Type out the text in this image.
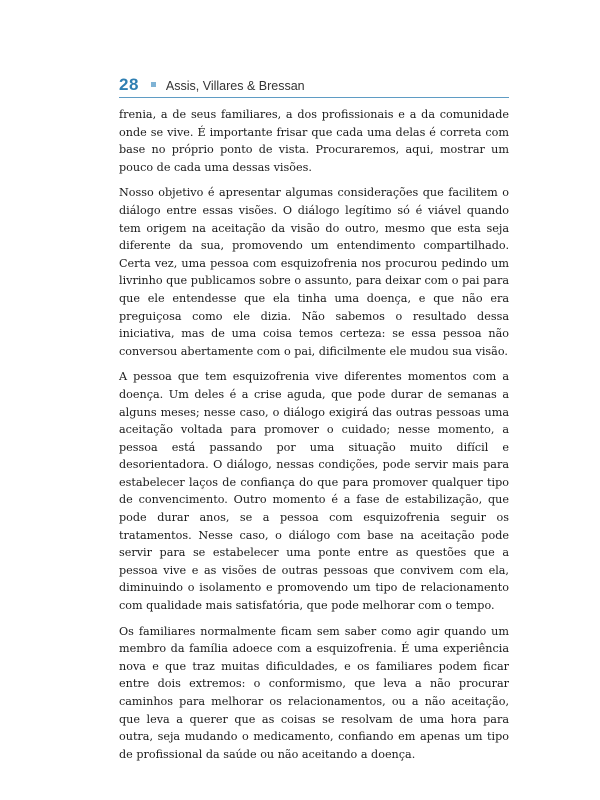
28 Assis, Villares & Bressan

frenia, a de seus familiares, a dos profissionais e a da comunidade onde se vive. É importante frisar que cada uma delas é correta com base no próprio ponto de vista. Procuraremos, aqui, mostrar um pouco de cada uma dessas visões.

Nosso objetivo é apresentar algumas considerações que facilitem o diálogo entre essas visões. O diálogo legítimo só é viável quando tem origem na aceitação da visão do outro, mesmo que esta seja diferente da sua, promovendo um entendimento compartilhado. Certa vez, uma pessoa com esquizofrenia nos procurou pedindo um livrinho que publicamos sobre o assunto, para deixar com o pai para que ele entendesse que ela tinha uma doença, e que não era preguiçosa como ele dizia. Não sabemos o resultado dessa iniciativa, mas de uma coisa temos certeza: se essa pessoa não conversou abertamente com o pai, dificilmente ele mudou sua visão.

A pessoa que tem esquizofrenia vive diferentes momentos com a doença. Um deles é a crise aguda, que pode durar de semanas a alguns meses; nesse caso, o diálogo exigirá das outras pessoas uma aceitação voltada para promover o cuidado; nesse momento, a pessoa está passando por uma situação muito difícil e desorientadora. O diálogo, nessas condições, pode servir mais para estabelecer laços de confiança do que para promover qualquer tipo de convencimento. Outro momento é a fase de estabilização, que pode durar anos, se a pessoa com esquizofrenia seguir os tratamentos. Nesse caso, o diálogo com base na aceitação pode servir para se estabelecer uma ponte entre as questões que a pessoa vive e as visões de outras pessoas que convivem com ela, diminuindo o isolamento e promovendo um tipo de relacionamento com qualidade mais satisfatória, que pode melhorar com o tempo.

Os familiares normalmente ficam sem saber como agir quando um membro da família adoece com a esquizofrenia. É uma experiência nova e que traz muitas dificuldades, e os familiares podem ficar entre dois extremos: o conformismo, que leva a não procurar caminhos para melhorar os relacionamentos, ou a não aceitação, que leva a querer que as coisas se resolvam de uma hora para outra, seja mudando o medicamento, confiando em apenas um tipo de profissional da saúde ou não aceitando a doença.
